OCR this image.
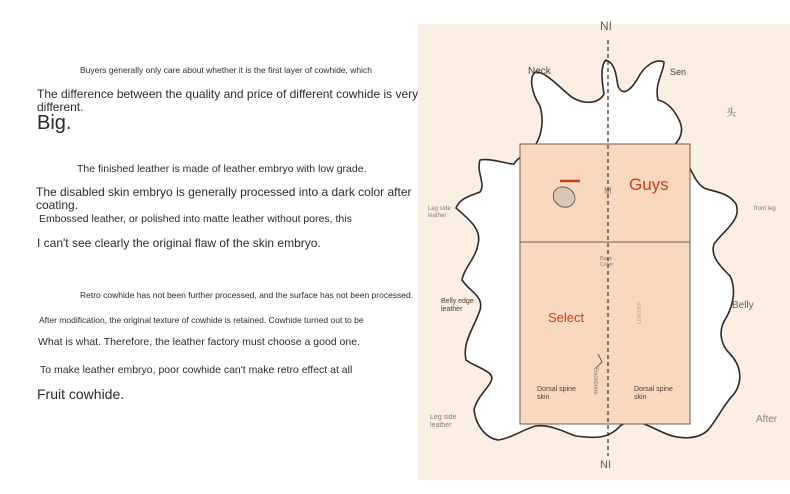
Buyers generally only care about whether it is the first layer of cowhide, which
The difference between the quality and price of different cowhide is very different.
Big.
The finished leather is made of leather embryo with low grade.
The disabled skin embryo is generally processed into a dark color after coating.
Embossed leather, or polished into matte leather without pores, this
I can't see clearly the original flaw of the skin embryo.
Retro cowhide has not been further processed, and the surface has not been processed.
After modification, the original texture of cowhide is retained. Cowhide turned out to be
What is what. Therefore, the leather factory must choose a good one.
To make leather embryo, poor cowhide can't make retro effect at all
Fruit cowhide.
NI
Neck	Sen
头
Leg side
leather
front leg
Guys
M
Back
Color
Belly edge
leather	Belly
Select	LEATHER
Backbone
Dorsal spine
skin
Dorsal spine
skin
Leg side
leather
After
NI
